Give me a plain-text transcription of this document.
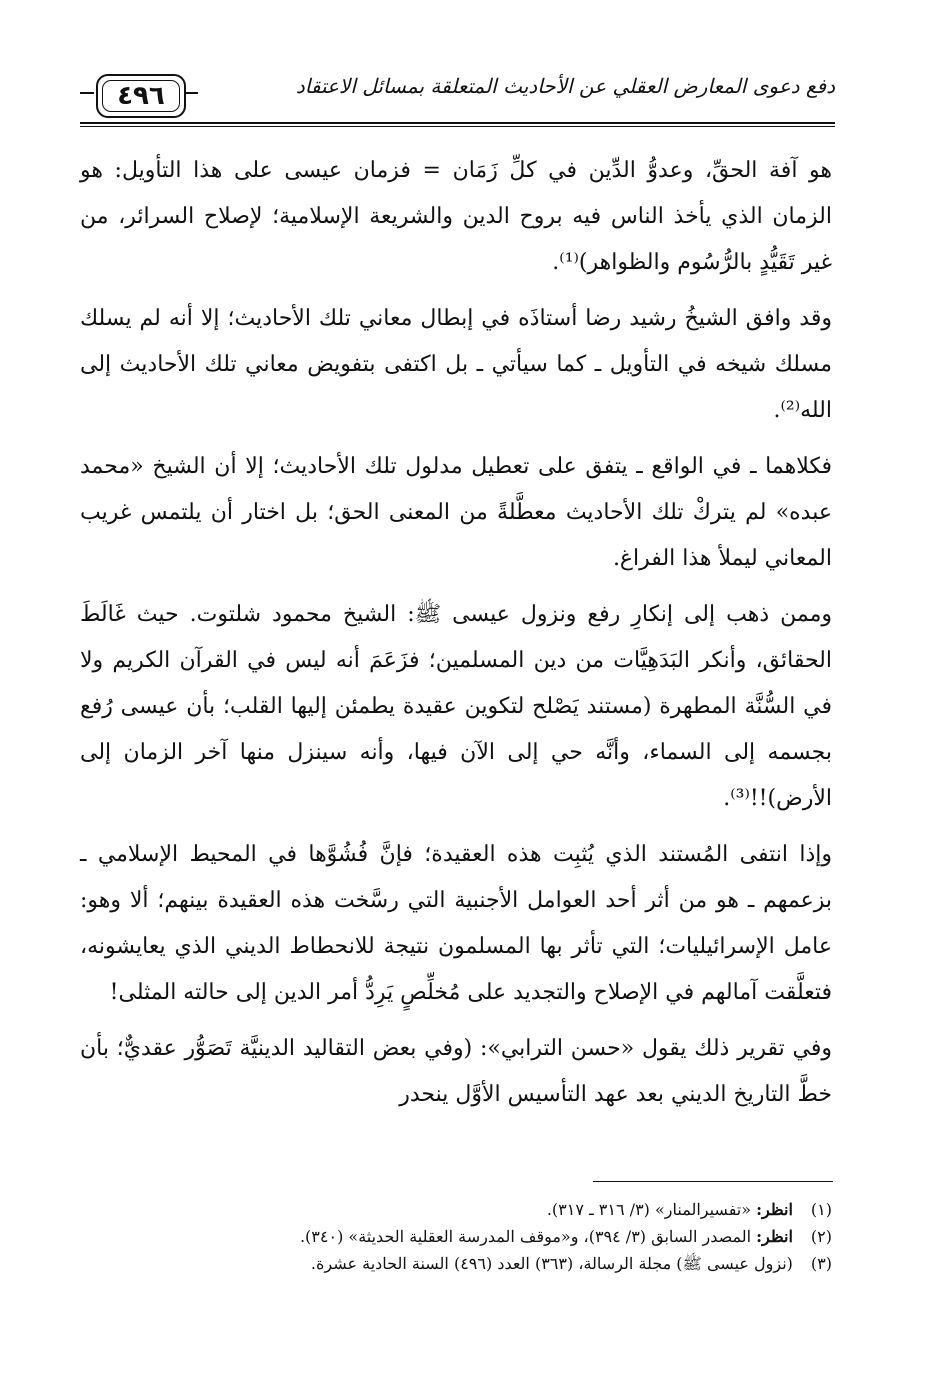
دفع دعوى المعارض العقلي عن الأحاديث المتعلقة بمسائل الاعتقاد
٤٩٦

هو آفة الحقِّ، وعدوُّ الدِّين في كلِّ زَمَان = فزمان عيسى على هذا التأويل: هو الزمان الذي يأخذ الناس فيه بروح الدين والشريعة الإسلامية؛ لإصلاح السرائر، من غير تَقَيُّدٍ بالرُّسُوم والظواهر)⁽¹⁾.

وقد وافق الشيخُ رشيد رضا أستاذَه في إبطال معاني تلك الأحاديث؛ إلا أنه لم يسلك مسلك شيخه في التأويل ـ كما سيأتي ـ بل اكتفى بتفويض معاني تلك الأحاديث إلى الله⁽²⁾.

فكلاهما ـ في الواقع ـ يتفق على تعطيل مدلول تلك الأحاديث؛ إلا أن الشيخ «محمد عبده» لم يتركْ تلك الأحاديث معطَّلةً من المعنى الحق؛ بل اختار أن يلتمس غريب المعاني ليملأ هذا الفراغ.

وممن ذهب إلى إنكارِ رفع ونزول عيسى ﷺ: الشيخ محمود شلتوت. حيث غَالَطَ الحقائق، وأنكر البَدَهِيَّات من دين المسلمين؛ فزَعَمَ أنه ليس في القرآن الكريم ولا في السُّنَّة المطهرة (مستند يَصْلح لتكوين عقيدة يطمئن إليها القلب؛ بأن عيسى رُفع بجسمه إلى السماء، وأنَّه حي إلى الآن فيها، وأنه سينزل منها آخر الزمان إلى الأرض)!!⁽³⁾.

وإذا انتفى المُستند الذي يُثبِت هذه العقيدة؛ فإنَّ فُشُوَّها في المحيط الإسلامي ـ بزعمهم ـ هو من أثر أحد العوامل الأجنبية التي رسَّخت هذه العقيدة بينهم؛ ألا وهو: عامل الإسرائيليات؛ التي تأثر بها المسلمون نتيجة للانحطاط الديني الذي يعايشونه، فتعلَّقت آمالهم في الإصلاح والتجديد على مُخلِّصٍ يَرِدُّ أمر الدين إلى حالته المثلى!

وفي تقرير ذلك يقول «حسن الترابي»: (وفي بعض التقاليد الدينيَّة تَصَوُّر عقديٌّ؛ بأن خطَّ التاريخ الديني بعد عهد التأسيس الأوَّل ينحدر

(١) انظر: «تفسيرالمنار» (٣/ ٣١٦ ـ ٣١٧).
(٢) انظر: المصدر السابق (٣/ ٣٩٤)، و«موقف المدرسة العقلية الحديثة» (٣٤٠).
(٣) (نزول عيسى ﷺ) مجلة الرسالة، (٣٦٣) العدد (٤٩٦) السنة الحادية عشرة.
